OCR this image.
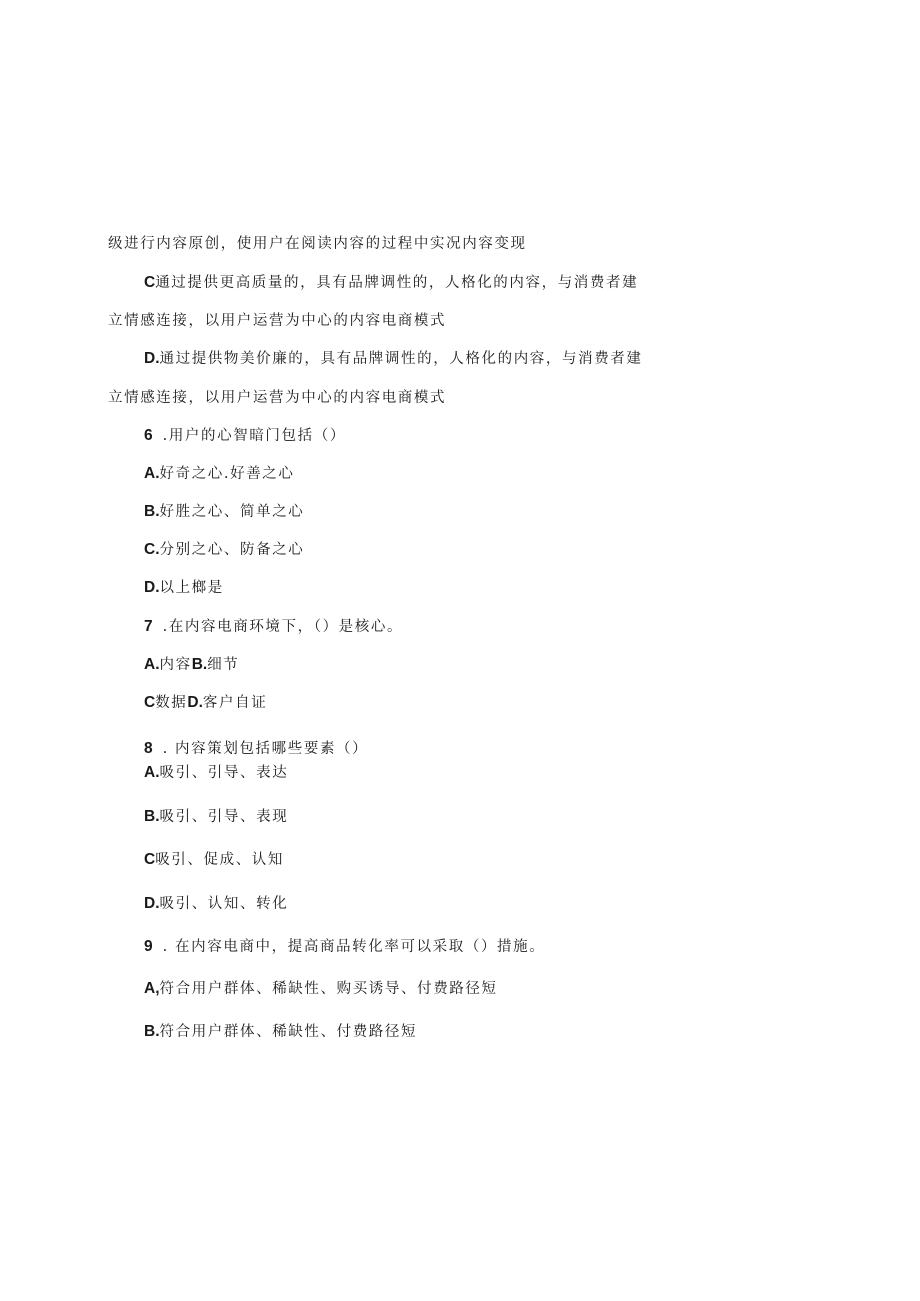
级进行内容原创，使用户在阅读内容的过程中实况内容变现
C通过提供更高质量的，具有品牌调性的，人格化的内容，与消费者建
立情感连接，以用户运营为中心的内容电商模式
D.通过提供物美价廉的，具有品牌调性的，人格化的内容，与消费者建
立情感连接，以用户运营为中心的内容电商模式
6 .用户的心智暗门包括（）
A.好奇之心.好善之心
B.好胜之心、简单之心
C.分别之心、防备之心
D.以上榔是
7 .在内容电商环境下，（）是核心。
A.内容B.细节
C数据D.客户自证
8 . 内容策划包括哪些要素（）
A.吸引、引导、表达
B.吸引、引导、表现
C吸引、促成、认知
D.吸引、认知、转化
9 . 在内容电商中，提高商品转化率可以采取（）措施。
A,符合用户群体、稀缺性、购买诱导、付费路径短
B.符合用户群体、稀缺性、付费路径短
